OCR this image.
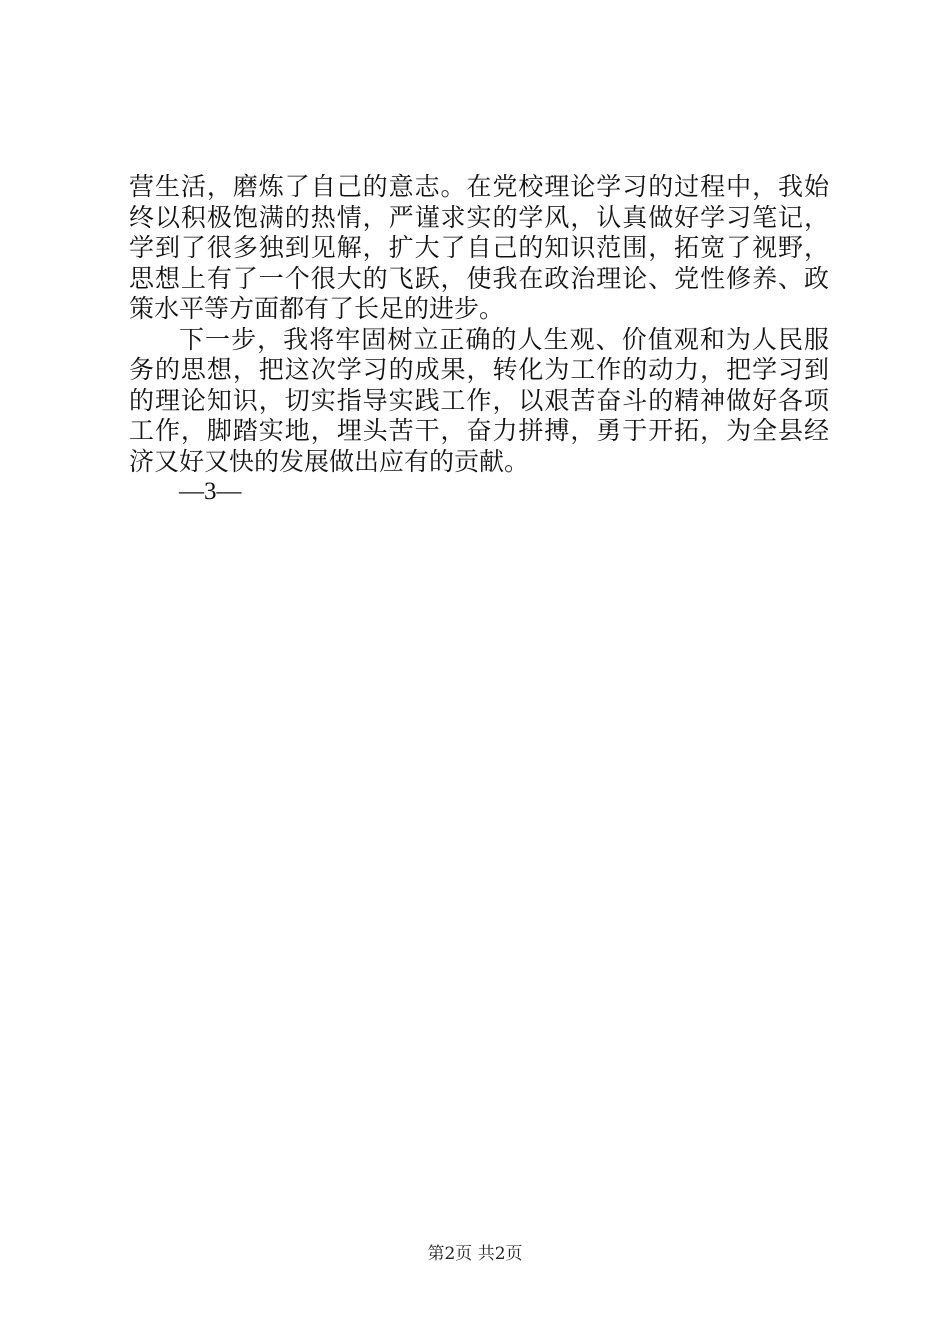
营生活，磨炼了自己的意志。在党校理论学习的过程中，我始
终以积极饱满的热情，严谨求实的学风，认真做好学习笔记，
学到了很多独到见解，扩大了自己的知识范围，拓宽了视野，
思想上有了一个很大的飞跃，使我在政治理论、党性修养、政
策水平等方面都有了长足的进步。
下一步，我将牢固树立正确的人生观、价值观和为人民服
务的思想，把这次学习的成果，转化为工作的动力，把学习到
的理论知识，切实指导实践工作，以艰苦奋斗的精神做好各项
工作，脚踏实地，埋头苦干，奋力拼搏，勇于开拓，为全县经
济又好又快的发展做出应有的贡献。
—3—
第2页 共2页
